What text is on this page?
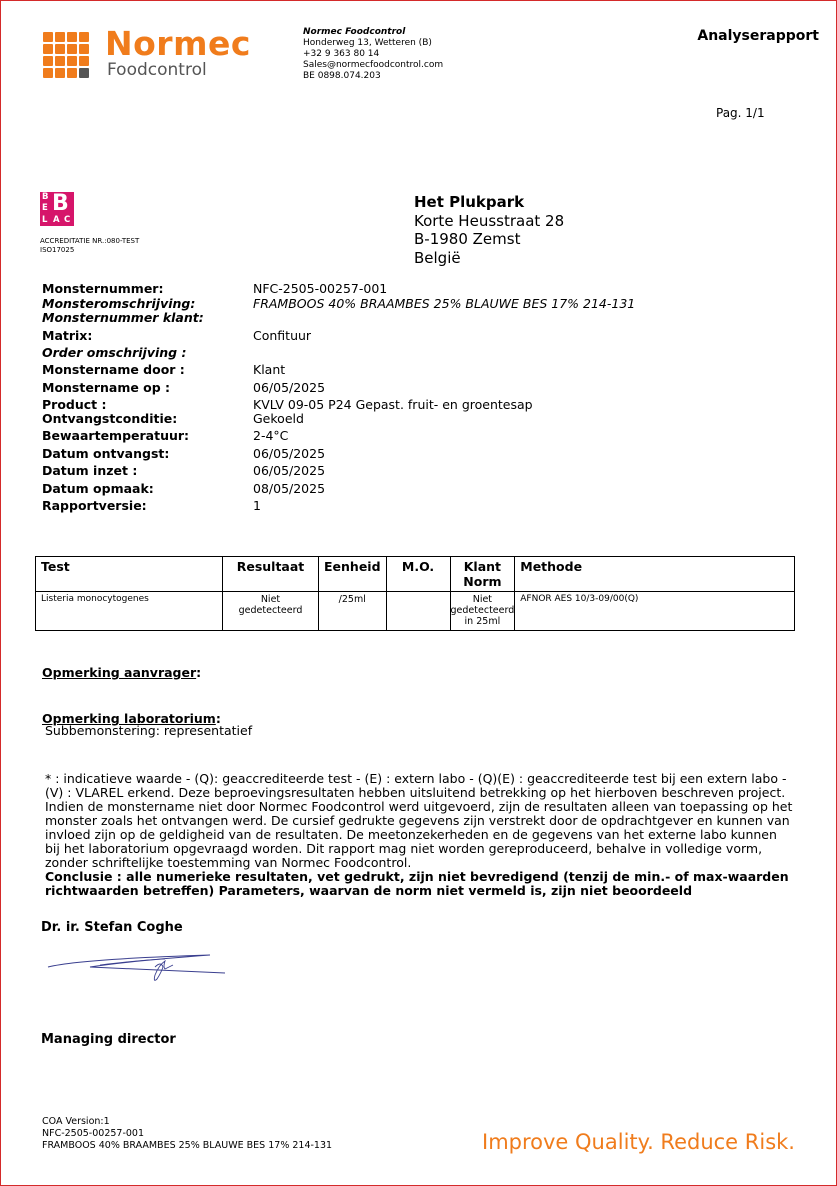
Normec
Foodcontrol
Normec Foodcontrol
Honderweg 13, Wetteren (B)
+32 9 363 80 14
Sales@normecfoodcontrol.com
BE 0898.074.203
Analyserapport
Pag. 1/1
B
E B
L A C
ACCREDITATIE NR.:080-TEST
ISO17025
Het Plukpark
Korte Heusstraat 28
B-1980 Zemst
België
Monsternummer:	NFC-2505-00257-001
Monsteromschrijving:	FRAMBOOS 40% BRAAMBES 25% BLAUWE BES 17% 214-131
Monsternummer klant:
Matrix:	Confituur
Order omschrijving :
Monstername door :	Klant
Monstername op :	06/05/2025
Product :	KVLV 09-05 P24 Gepast. fruit- en groentesap
Ontvangstconditie:	Gekoeld
Bewaartemperatuur:	2-4°C
Datum ontvangst:	06/05/2025
Datum inzet :	06/05/2025
Datum opmaak:	08/05/2025
Rapportversie:	1
Test	Resultaat	Eenheid	M.O.	Klant Norm	Methode
Listeria monocytogenes	Niet gedetecteerd	/25ml		Niet gedetecteerd in 25ml	AFNOR AES 10/3-09/00(Q)
Opmerking aanvrager:
Opmerking laboratorium:
Subbemonstering: representatief
* : indicatieve waarde - (Q): geaccrediteerde test - (E) : extern labo - (Q)(E) : geaccrediteerde test bij een extern labo - (V) : VLAREL erkend. Deze beproevingsresultaten hebben uitsluitend betrekking op het hierboven beschreven project. Indien de monstername niet door Normec Foodcontrol werd uitgevoerd, zijn de resultaten alleen van toepassing op het monster zoals het ontvangen werd. De cursief gedrukte gegevens zijn verstrekt door de opdrachtgever en kunnen van invloed zijn op de geldigheid van de resultaten. De meetonzekerheden en de gegevens van het externe labo kunnen bij het laboratorium opgevraagd worden. Dit rapport mag niet worden gereproduceerd, behalve in volledige vorm, zonder schriftelijke toestemming van Normec Foodcontrol.
Conclusie : alle numerieke resultaten, vet gedrukt, zijn niet bevredigend (tenzij de min.- of max-waarden richtwaarden betreffen) Parameters, waarvan de norm niet vermeld is, zijn niet beoordeeld
Dr. ir. Stefan Coghe
Managing director
COA Version:1
NFC-2505-00257-001
FRAMBOOS 40% BRAAMBES 25% BLAUWE BES 17% 214-131	Improve Quality. Reduce Risk.
